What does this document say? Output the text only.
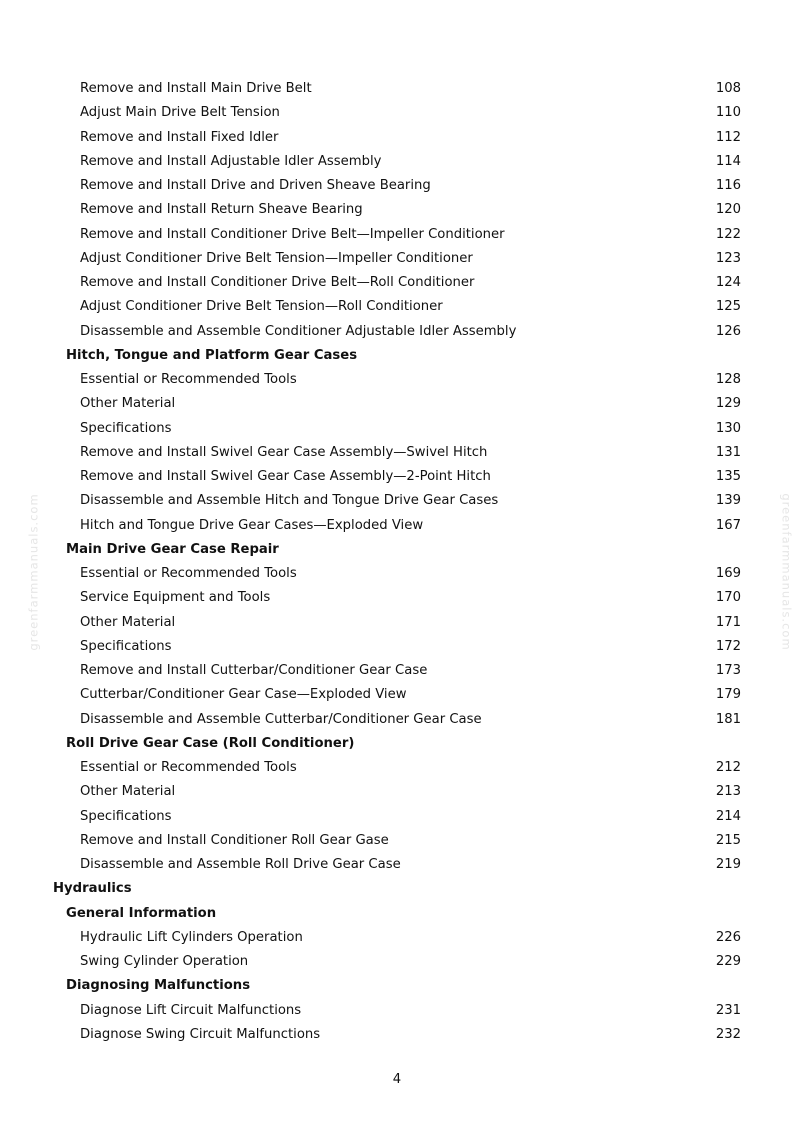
greenfarmmanuals.com	greenfarmmanuals.com
Remove and Install Main Drive Belt	108
Adjust Main Drive Belt Tension	110
Remove and Install Fixed Idler	112
Remove and Install Adjustable Idler Assembly	114
Remove and Install Drive and Driven Sheave Bearing	116
Remove and Install Return Sheave Bearing	120
Remove and Install Conditioner Drive Belt—Impeller Conditioner	122
Adjust Conditioner Drive Belt Tension—Impeller Conditioner	123
Remove and Install Conditioner Drive Belt—Roll Conditioner	124
Adjust Conditioner Drive Belt Tension—Roll Conditioner	125
Disassemble and Assemble Conditioner Adjustable Idler Assembly	126
Hitch, Tongue and Platform Gear Cases
Essential or Recommended Tools	128
Other Material	129
Specifications	130
Remove and Install Swivel Gear Case Assembly—Swivel Hitch	131
Remove and Install Swivel Gear Case Assembly—2-Point Hitch	135
Disassemble and Assemble Hitch and Tongue Drive Gear Cases	139
Hitch and Tongue Drive Gear Cases—Exploded View	167
Main Drive Gear Case Repair
Essential or Recommended Tools	169
Service Equipment and Tools	170
Other Material	171
Specifications	172
Remove and Install Cutterbar/Conditioner Gear Case	173
Cutterbar/Conditioner Gear Case—Exploded View	179
Disassemble and Assemble Cutterbar/Conditioner Gear Case	181
Roll Drive Gear Case (Roll Conditioner)
Essential or Recommended Tools	212
Other Material	213
Specifications	214
Remove and Install Conditioner Roll Gear Gase	215
Disassemble and Assemble Roll Drive Gear Case	219
Hydraulics
General Information
Hydraulic Lift Cylinders Operation	226
Swing Cylinder Operation	229
Diagnosing Malfunctions
Diagnose Lift Circuit Malfunctions	231
Diagnose Swing Circuit Malfunctions	232
4
